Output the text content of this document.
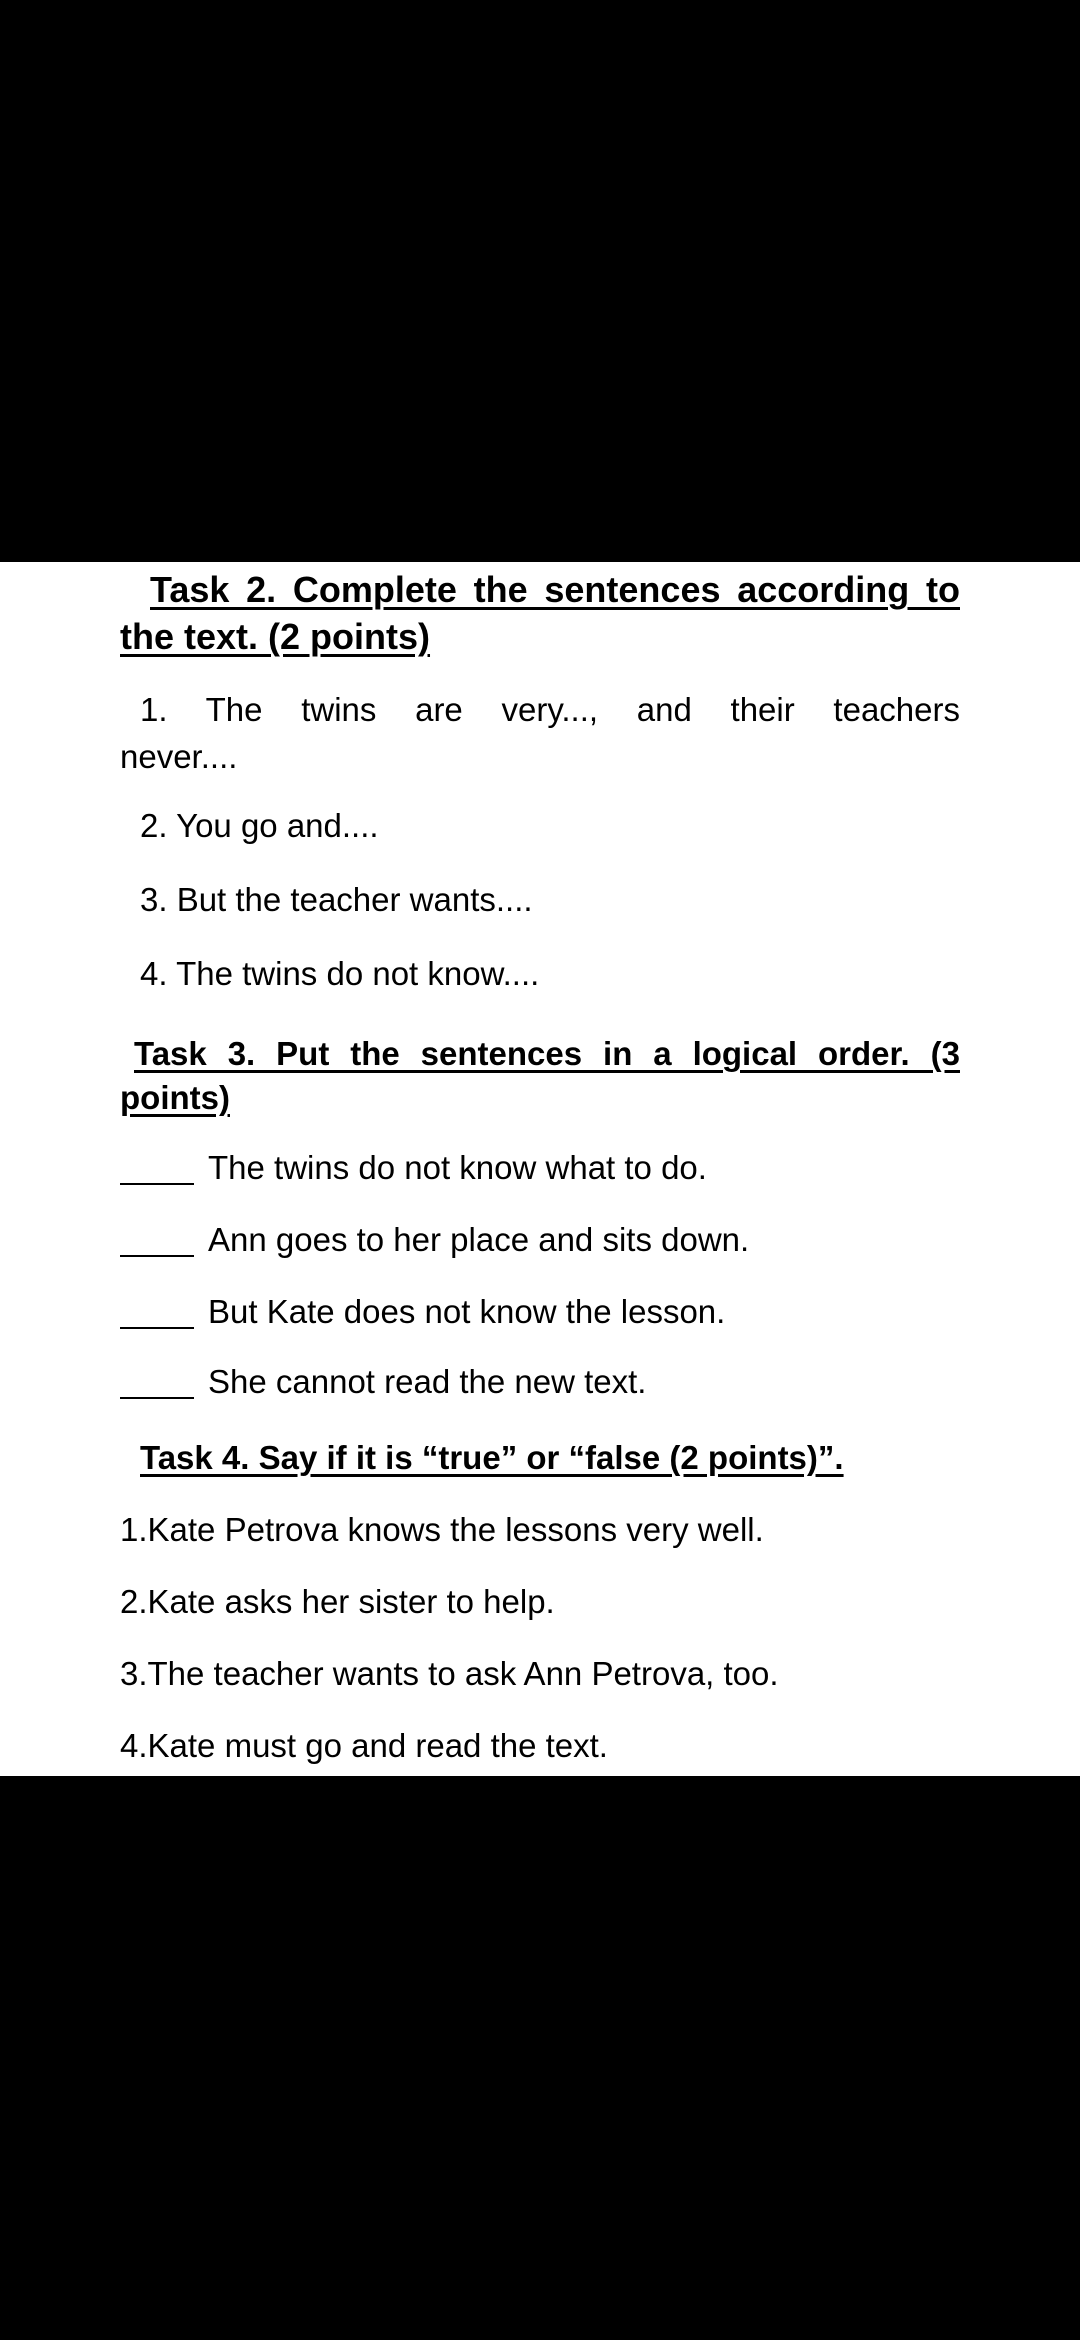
Task 2. Complete the sentences according to
the text. (2 points)
1. The twins are very..., and their teachers
never....
2. You go and....
3. But the teacher wants....
4. The twins do not know....
Task 3. Put the sentences in a logical order. (3
points)
The twins do not know what to do.
Ann goes to her place and sits down.
But Kate does not know the lesson.
She cannot read the new text.
Task 4. Say if it is “true” or “false (2 points)”.
1.Kate Petrova knows the lessons very well.
2.Kate asks her sister to help.
3.The teacher wants to ask Ann Petrova, too.
4.Kate must go and read the text.
